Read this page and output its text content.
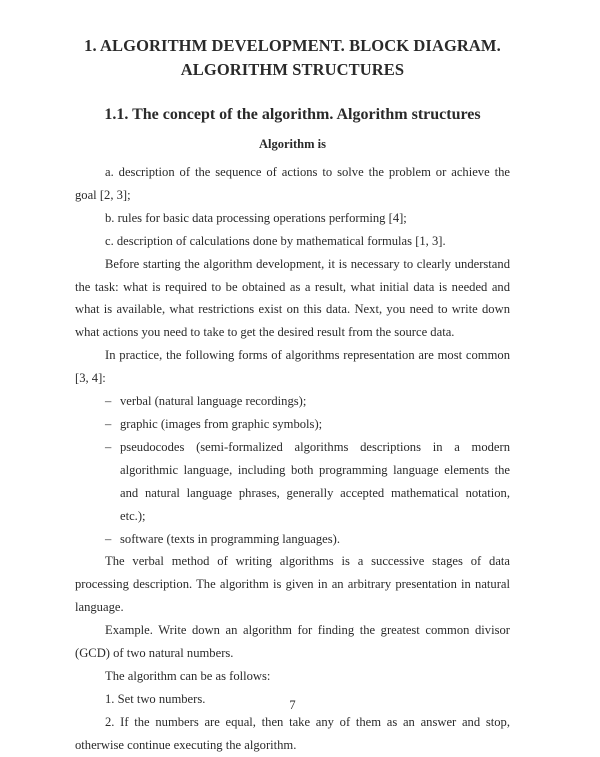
1. ALGORITHM DEVELOPMENT. BLOCK DIAGRAM.
ALGORITHM STRUCTURES
1.1. The concept of the algorithm. Algorithm structures
Algorithm is

a. description of the sequence of actions to solve the problem or achieve the goal [2, 3];

b. rules for basic data processing operations performing [4];

c. description of calculations done by mathematical formulas [1, 3].

Before starting the algorithm development, it is necessary to clearly understand the task: what is required to be obtained as a result, what initial data is needed and what is available, what restrictions exist on this data. Next, you need to write down what actions you need to take to get the desired result from the source data.

In practice, the following forms of algorithms representation are most common [3, 4]:

– verbal (natural language recordings);

– graphic (images from graphic symbols);

– pseudocodes (semi-formalized algorithms descriptions in a modern algorithmic language, including both programming language elements the and natural language phrases, generally accepted mathematical notation, etc.);

– software (texts in programming languages).

The verbal method of writing algorithms is a successive stages of data processing description. The algorithm is given in an arbitrary presentation in natural language.

Example. Write down an algorithm for finding the greatest common divisor (GCD) of two natural numbers.

The algorithm can be as follows:

1. Set two numbers.

2. If the numbers are equal, then take any of them as an answer and stop, otherwise continue executing the algorithm.

7
